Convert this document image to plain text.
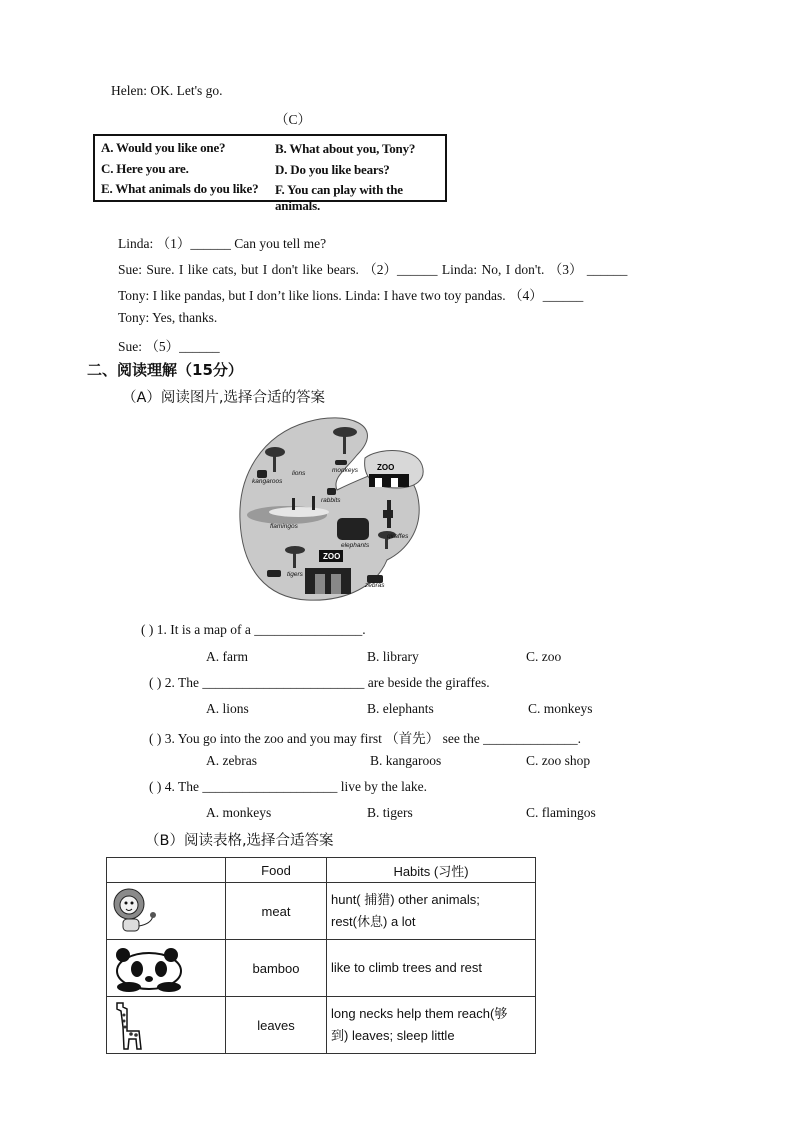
Helen: OK. Let's go.
（C）
A. Would you like one?	B. What about you, Tony?
C. Here you are.	D. Do you like bears?
E. What animals do you like? F. You can play with the animals.
Linda: （1）______ Can you tell me?
Sue: Sure. I like cats, but I don't like bears. （2）______ Linda: No, I don't. （3） ______
Tony: I like pandas, but I don’t like lions. Linda: I have two toy pandas. （4）______
Tony: Yes, thanks.
Sue: （5）______
二、阅读理解（15分）
（A）阅读图片,选择合适的答案
ZOO
ZOO
kangaroos
lions	monkeys
rabbits
flamingos
elephants
giraffes
tigers
zebras
( ) 1. It is a map of a ________________.
A. farm	B. library	C. zoo
( ) 2. The ________________________ are beside the giraffes.
A. lions	B. elephants	C. monkeys
( ) 3. You go into the zoo and you may first （首先） see the ______________.
A. zebras	B. kangaroos	C. zoo shop
( ) 4. The ____________________ live by the lake.
A. monkeys	B. tigers	C. flamingos
（B）阅读表格,选择合适答案
	Food	Habits (习性)

	meat	hunt( 捕猎) other animals;
rest(休息) a lot

	bamboo	like to climb trees and rest

	leaves	long necks help them reach(够
到) leaves; sleep little
